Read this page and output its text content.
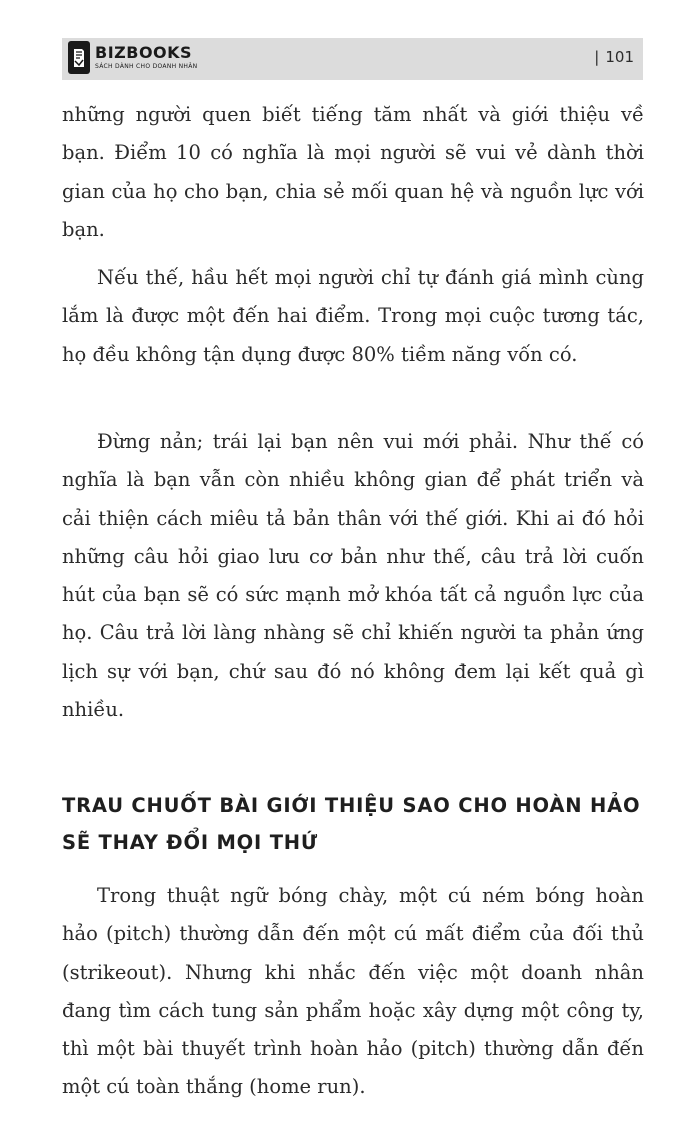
BIZBOOKS
SÁCH DÀNH CHO DOANH NHÂN
| 101

những người quen biết tiếng tăm nhất và giới thiệu về bạn. Điểm 10 có nghĩa là mọi người sẽ vui vẻ dành thời gian của họ cho bạn, chia sẻ mối quan hệ và nguồn lực với bạn.

Nếu thế, hầu hết mọi người chỉ tự đánh giá mình cùng lắm là được một đến hai điểm. Trong mọi cuộc tương tác, họ đều không tận dụng được 80% tiềm năng vốn có.

Đừng nản; trái lại bạn nên vui mới phải. Như thế có nghĩa là bạn vẫn còn nhiều không gian để phát triển và cải thiện cách miêu tả bản thân với thế giới. Khi ai đó hỏi những câu hỏi giao lưu cơ bản như thế, câu trả lời cuốn hút của bạn sẽ có sức mạnh mở khóa tất cả nguồn lực của họ. Câu trả lời làng nhàng sẽ chỉ khiến người ta phản ứng lịch sự với bạn, chứ sau đó nó không đem lại kết quả gì nhiều.

TRAU CHUỐT BÀI GIỚI THIỆU SAO CHO HOÀN HẢO SẼ THAY ĐỔI MỌI THỨ

Trong thuật ngữ bóng chày, một cú ném bóng hoàn hảo (pitch) thường dẫn đến một cú mất điểm của đối thủ (strikeout). Nhưng khi nhắc đến việc một doanh nhân đang tìm cách tung sản phẩm hoặc xây dựng một công ty, thì một bài thuyết trình hoàn hảo (pitch) thường dẫn đến một cú toàn thắng (home run).
